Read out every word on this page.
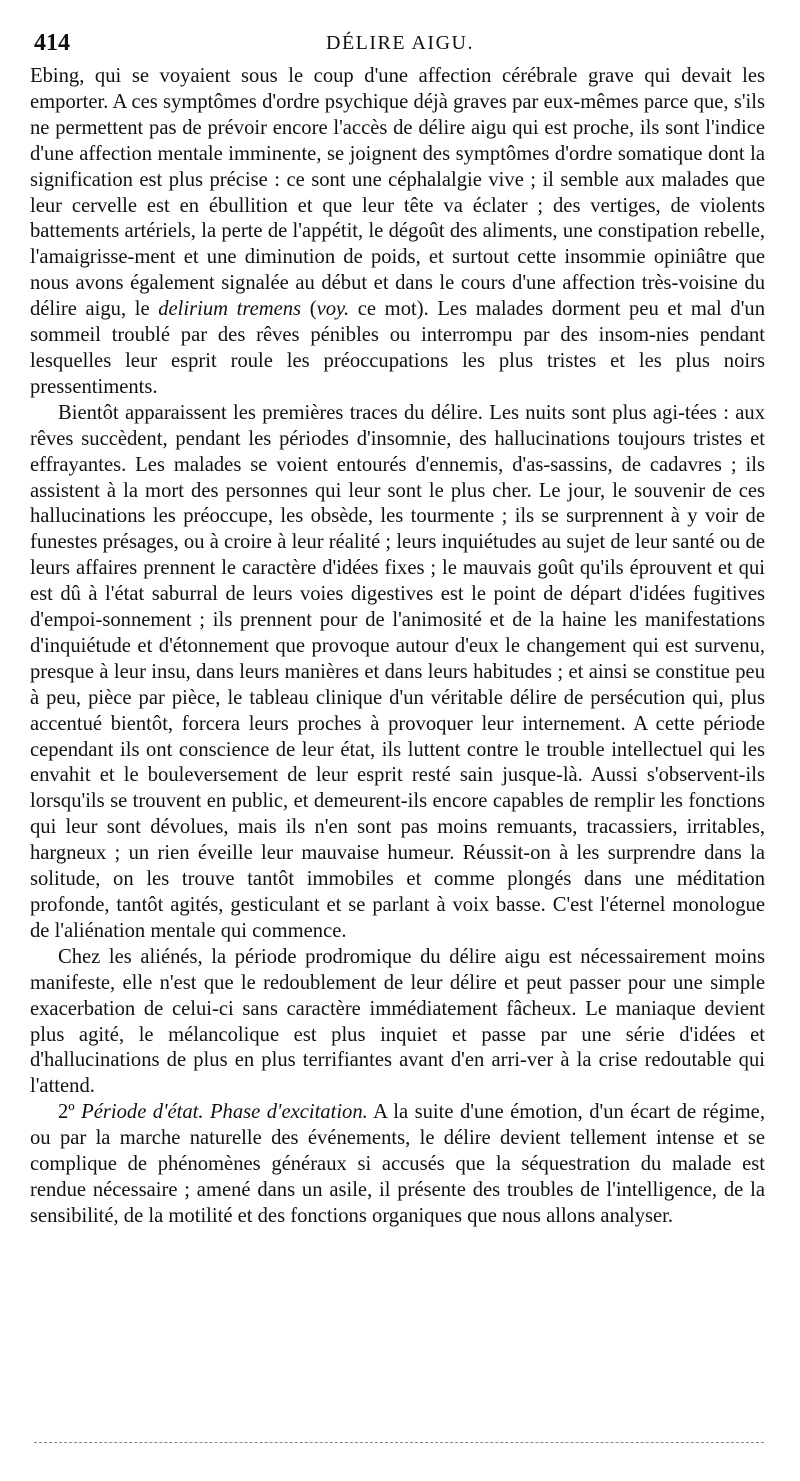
414	DÉLIRE AIGU.

Ebing, qui se voyaient sous le coup d'une affection cérébrale grave qui devait les emporter. A ces symptômes d'ordre psychique déjà graves par eux-mêmes parce que, s'ils ne permettent pas de prévoir encore l'accès de délire aigu qui est proche, ils sont l'indice d'une affection mentale imminente, se joignent des symptômes d'ordre somatique dont la signification est plus précise : ce sont une céphalalgie vive ; il semble aux malades que leur cervelle est en ébullition et que leur tête va éclater ; des vertiges, de violents battements artériels, la perte de l'appétit, le dégoût des aliments, une constipation rebelle, l'amaigrisse-ment et une diminution de poids, et surtout cette insommie opiniâtre que nous avons également signalée au début et dans le cours d'une affection très-voisine du délire aigu, le delirium tremens (voy. ce mot). Les malades dorment peu et mal d'un sommeil troublé par des rêves pénibles ou interrompu par des insom-nies pendant lesquelles leur esprit roule les préoccupations les plus tristes et les plus noirs pressentiments.

Bientôt apparaissent les premières traces du délire. Les nuits sont plus agi-tées : aux rêves succèdent, pendant les périodes d'insomnie, des hallucinations toujours tristes et effrayantes. Les malades se voient entourés d'ennemis, d'as-sassins, de cadavres ; ils assistent à la mort des personnes qui leur sont le plus cher. Le jour, le souvenir de ces hallucinations les préoccupe, les obsède, les tourmente ; ils se surprennent à y voir de funestes présages, ou à croire à leur réalité ; leurs inquiétudes au sujet de leur santé ou de leurs affaires prennent le caractère d'idées fixes ; le mauvais goût qu'ils éprouvent et qui est dû à l'état saburral de leurs voies digestives est le point de départ d'idées fugitives d'empoi-sonnement ; ils prennent pour de l'animosité et de la haine les manifestations d'inquiétude et d'étonnement que provoque autour d'eux le changement qui est survenu, presque à leur insu, dans leurs manières et dans leurs habitudes ; et ainsi se constitue peu à peu, pièce par pièce, le tableau clinique d'un véritable délire de persécution qui, plus accentué bientôt, forcera leurs proches à provoquer leur internement. A cette période cependant ils ont conscience de leur état, ils luttent contre le trouble intellectuel qui les envahit et le bouleversement de leur esprit resté sain jusque-là. Aussi s'observent-ils lorsqu'ils se trouvent en public, et demeurent-ils encore capables de remplir les fonctions qui leur sont dévolues, mais ils n'en sont pas moins remuants, tracassiers, irritables, hargneux ; un rien éveille leur mauvaise humeur. Réussit-on à les surprendre dans la solitude, on les trouve tantôt immobiles et comme plongés dans une méditation profonde, tantôt agités, gesticulant et se parlant à voix basse. C'est l'éternel monologue de l'aliénation mentale qui commence.

Chez les aliénés, la période prodromique du délire aigu est nécessairement moins manifeste, elle n'est que le redoublement de leur délire et peut passer pour une simple exacerbation de celui-ci sans caractère immédiatement fâcheux. Le maniaque devient plus agité, le mélancolique est plus inquiet et passe par une série d'idées et d'hallucinations de plus en plus terrifiantes avant d'en arri-ver à la crise redoutable qui l'attend.

2º Période d'état. Phase d'excitation. A la suite d'une émotion, d'un écart de régime, ou par la marche naturelle des événements, le délire devient tellement intense et se complique de phénomènes généraux si accusés que la séquestration du malade est rendue nécessaire ; amené dans un asile, il présente des troubles de l'intelligence, de la sensibilité, de la motilité et des fonctions organiques que nous allons analyser.
